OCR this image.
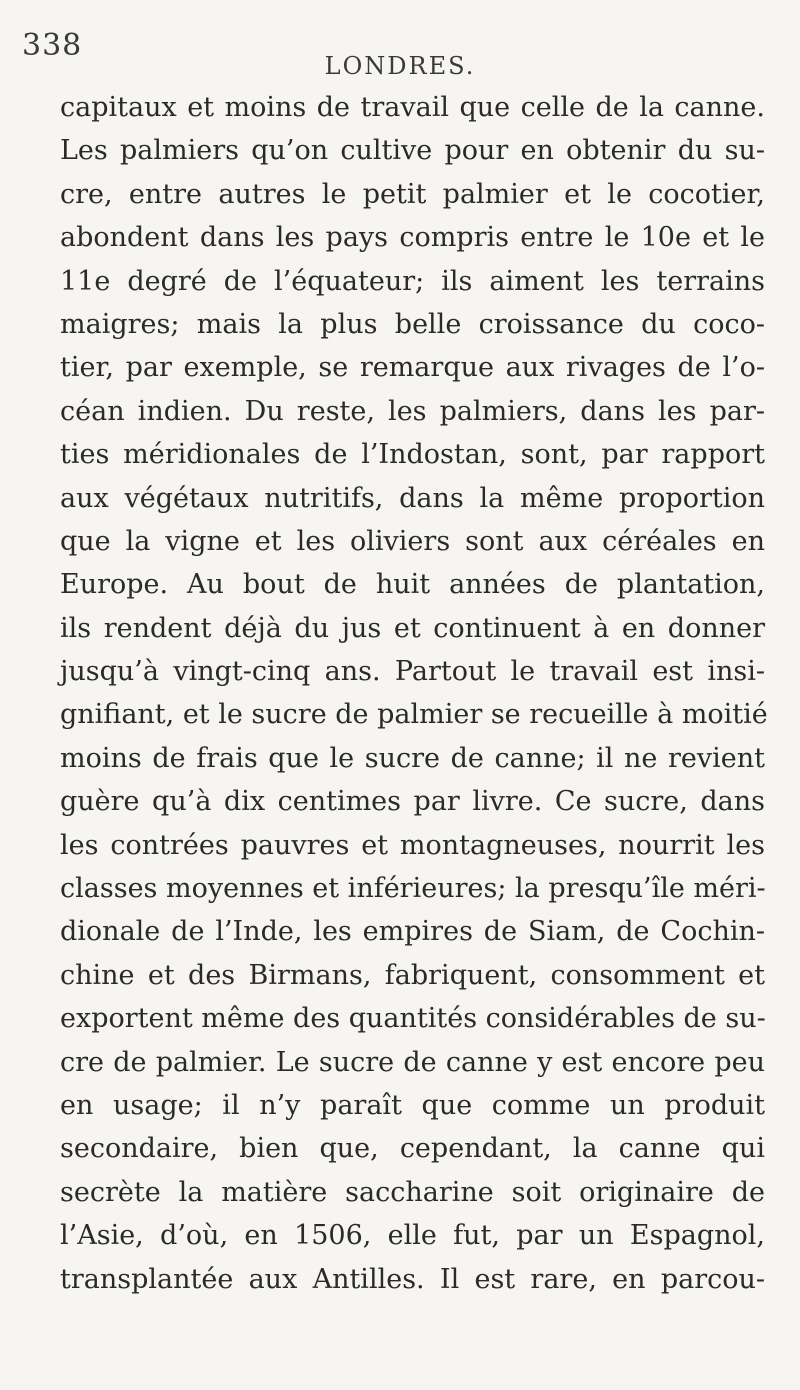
338
LONDRES.
capitaux et moins de travail que celle de la canne.
Les palmiers qu’on cultive pour en obtenir du su-
cre, entre autres le petit palmier et le cocotier,
abondent dans les pays compris entre le 10e et le
11e degré de l’équateur; ils aiment les terrains
maigres; mais la plus belle croissance du coco-
tier, par exemple, se remarque aux rivages de l’o-
céan indien. Du reste, les palmiers, dans les par-
ties méridionales de l’Indostan, sont, par rapport
aux végétaux nutritifs, dans la même proportion
que la vigne et les oliviers sont aux céréales en
Europe. Au bout de huit années de plantation,
ils rendent déjà du jus et continuent à en donner
jusqu’à vingt-cinq ans. Partout le travail est insi-
gnifiant, et le sucre de palmier se recueille à moitié
moins de frais que le sucre de canne; il ne revient
guère qu’à dix centimes par livre. Ce sucre, dans
les contrées pauvres et montagneuses, nourrit les
classes moyennes et inférieures; la presqu’île méri-
dionale de l’Inde, les empires de Siam, de Cochin-
chine et des Birmans, fabriquent, consomment et
exportent même des quantités considérables de su-
cre de palmier. Le sucre de canne y est encore peu
en usage; il n’y paraît que comme un produit
secondaire, bien que, cependant, la canne qui
secrète la matière saccharine soit originaire de
l’Asie, d’où, en 1506, elle fut, par un Espagnol,
transplantée aux Antilles. Il est rare, en parcou-
